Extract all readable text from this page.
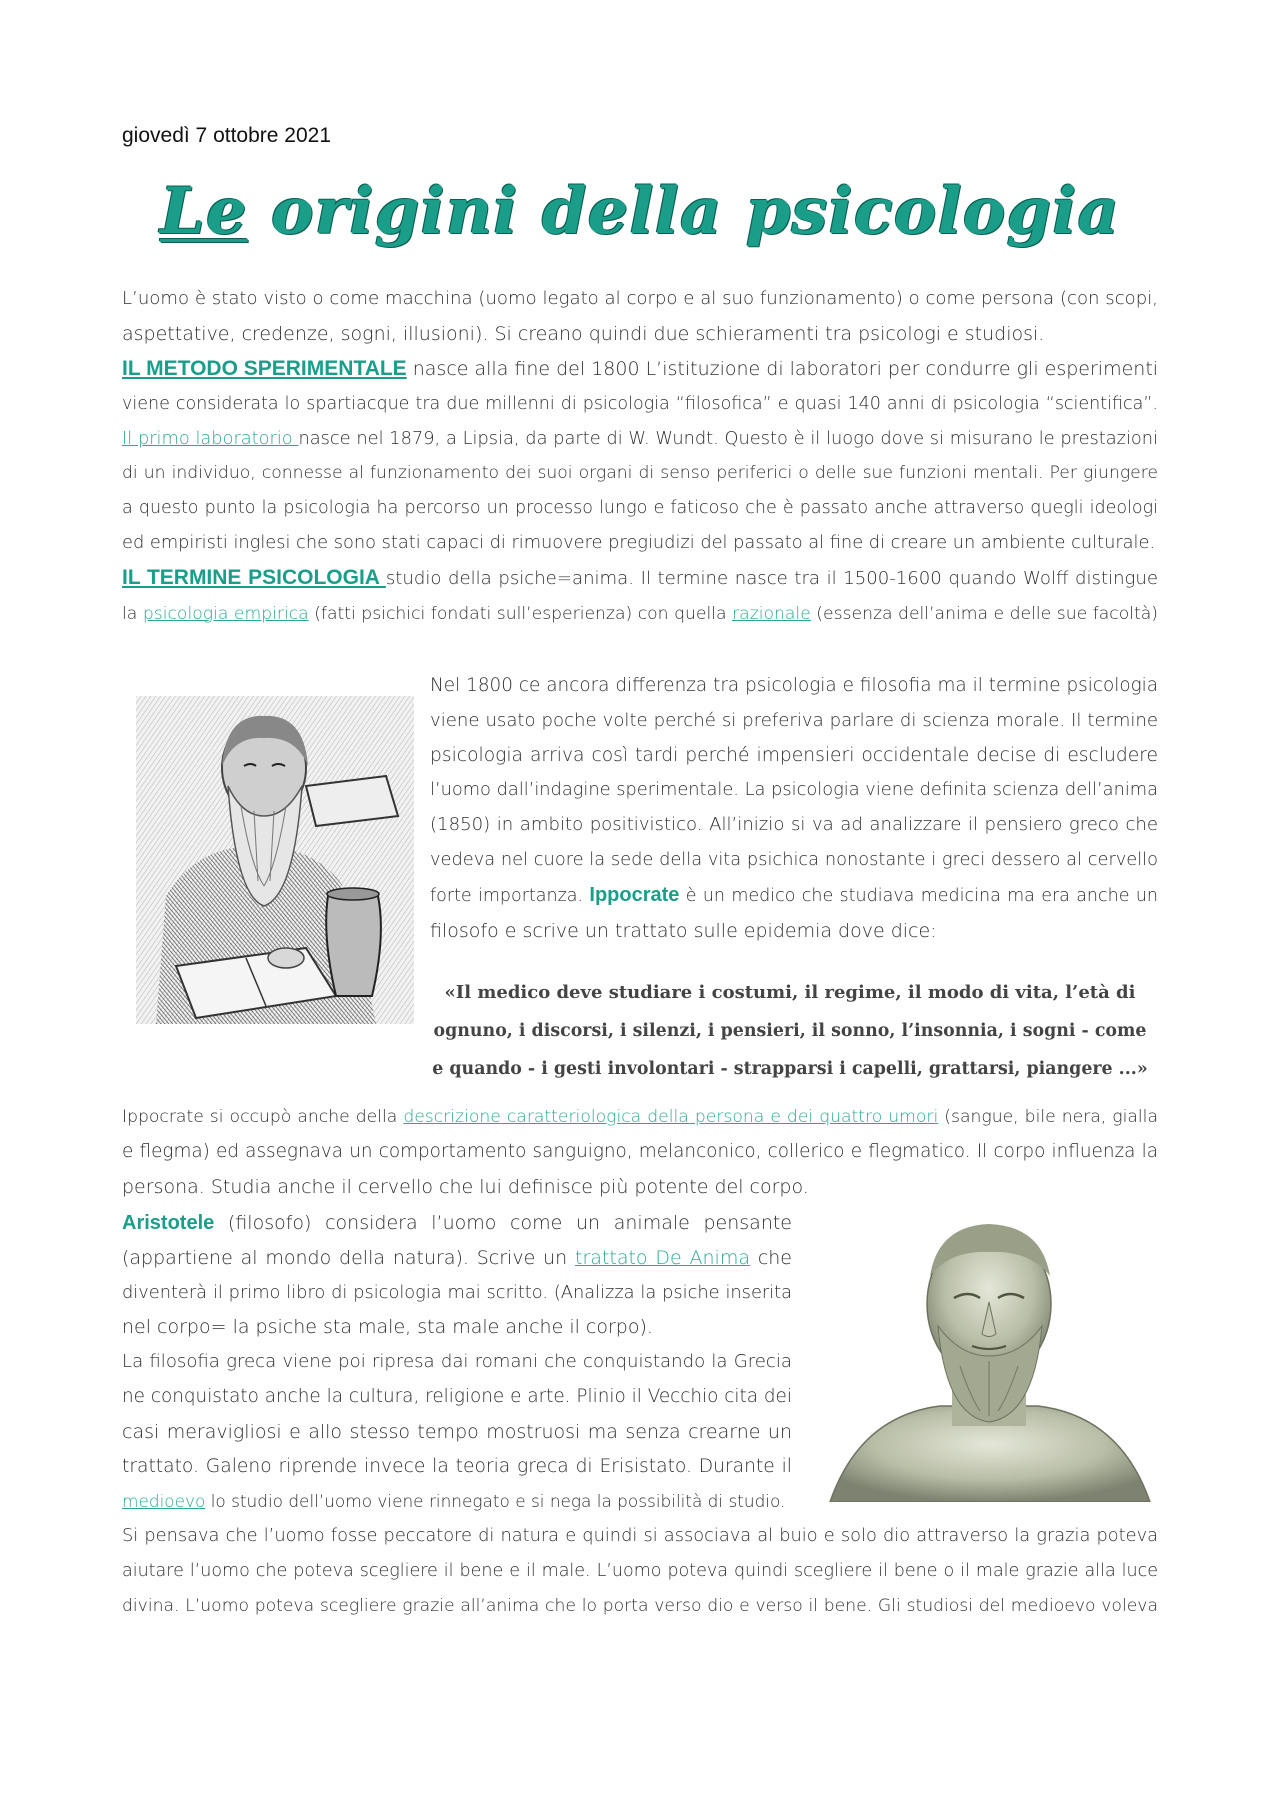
giovedì 7 ottobre 2021
Le origini della psicologia
L’uomo è stato visto o come macchina (uomo legato al corpo e al suo funzionamento) o come persona (con scopi,
aspettative, credenze, sogni, illusioni). Si creano quindi due schieramenti tra psicologi e studiosi.
IL METODO SPERIMENTALE nasce alla fine del 1800 L’istituzione di laboratori per condurre gli esperimenti
viene considerata lo spartiacque tra due millenni di psicologia “filosofica” e quasi 140 anni di psicologia “scientifica”.
Il primo laboratorio nasce nel 1879, a Lipsia, da parte di W. Wundt. Questo è il luogo dove si misurano le prestazioni
di un individuo, connesse al funzionamento dei suoi organi di senso periferici o delle sue funzioni mentali. Per giungere
a questo punto la psicologia ha percorso un processo lungo e faticoso che è passato anche attraverso quegli ideologi
ed empiristi inglesi che sono stati capaci di rimuovere pregiudizi del passato al fine di creare un ambiente culturale.
IL TERMINE PSICOLOGIA studio della psiche=anima. Il termine nasce tra il 1500-1600 quando Wolff distingue
la psicologia empirica (fatti psichici fondati sull’esperienza) con quella razionale (essenza dell’anima e delle sue facoltà)
Nel 1800 ce ancora differenza tra psicologia e filosofia ma il termine psicologia
viene usato poche volte perché si preferiva parlare di scienza morale. Il termine
psicologia arriva così tardi perché impensieri occidentale decise di escludere
l’uomo dall’indagine sperimentale. La psicologia viene definita scienza dell’anima
(1850) in ambito positivistico. All’inizio si va ad analizzare il pensiero greco che
vedeva nel cuore la sede della vita psichica nonostante i greci dessero al cervello
forte importanza. Ippocrate è un medico che studiava medicina ma era anche un
filosofo e scrive un trattato sulle epidemia dove dice:
«Il medico deve studiare i costumi, il regime, il modo di vita, l’età di
ognuno, i discorsi, i silenzi, i pensieri, il sonno, l’insonnia, i sogni - come
e quando - i gesti involontari - strapparsi i capelli, grattarsi, piangere ...»
Ippocrate si occupò anche della descrizione caratteriologica della persona e dei quattro umori (sangue, bile nera, gialla
e flegma) ed assegnava un comportamento sanguigno, melanconico, collerico e flegmatico. Il corpo influenza la
persona. Studia anche il cervello che lui definisce più potente del corpo.
Aristotele (filosofo) considera l’uomo come un animale pensante
(appartiene al mondo della natura). Scrive un trattato De Anima che
diventerà il primo libro di psicologia mai scritto. (Analizza la psiche inserita
nel corpo= la psiche sta male, sta male anche il corpo).
La filosofia greca viene poi ripresa dai romani che conquistando la Grecia
ne conquistato anche la cultura, religione e arte. Plinio il Vecchio cita dei
casi meravigliosi e allo stesso tempo mostruosi ma senza crearne un
trattato. Galeno riprende invece la teoria greca di Erisistato. Durante il
medioevo lo studio dell’uomo viene rinnegato e si nega la possibilità di studio.
Si pensava che l’uomo fosse peccatore di natura e quindi si associava al buio e solo dio attraverso la grazia poteva
aiutare l’uomo che poteva scegliere il bene e il male. L’uomo poteva quindi scegliere il bene o il male grazie alla luce
divina. L’uomo poteva scegliere grazie all’anima che lo porta verso dio e verso il bene. Gli studiosi del medioevo voleva
